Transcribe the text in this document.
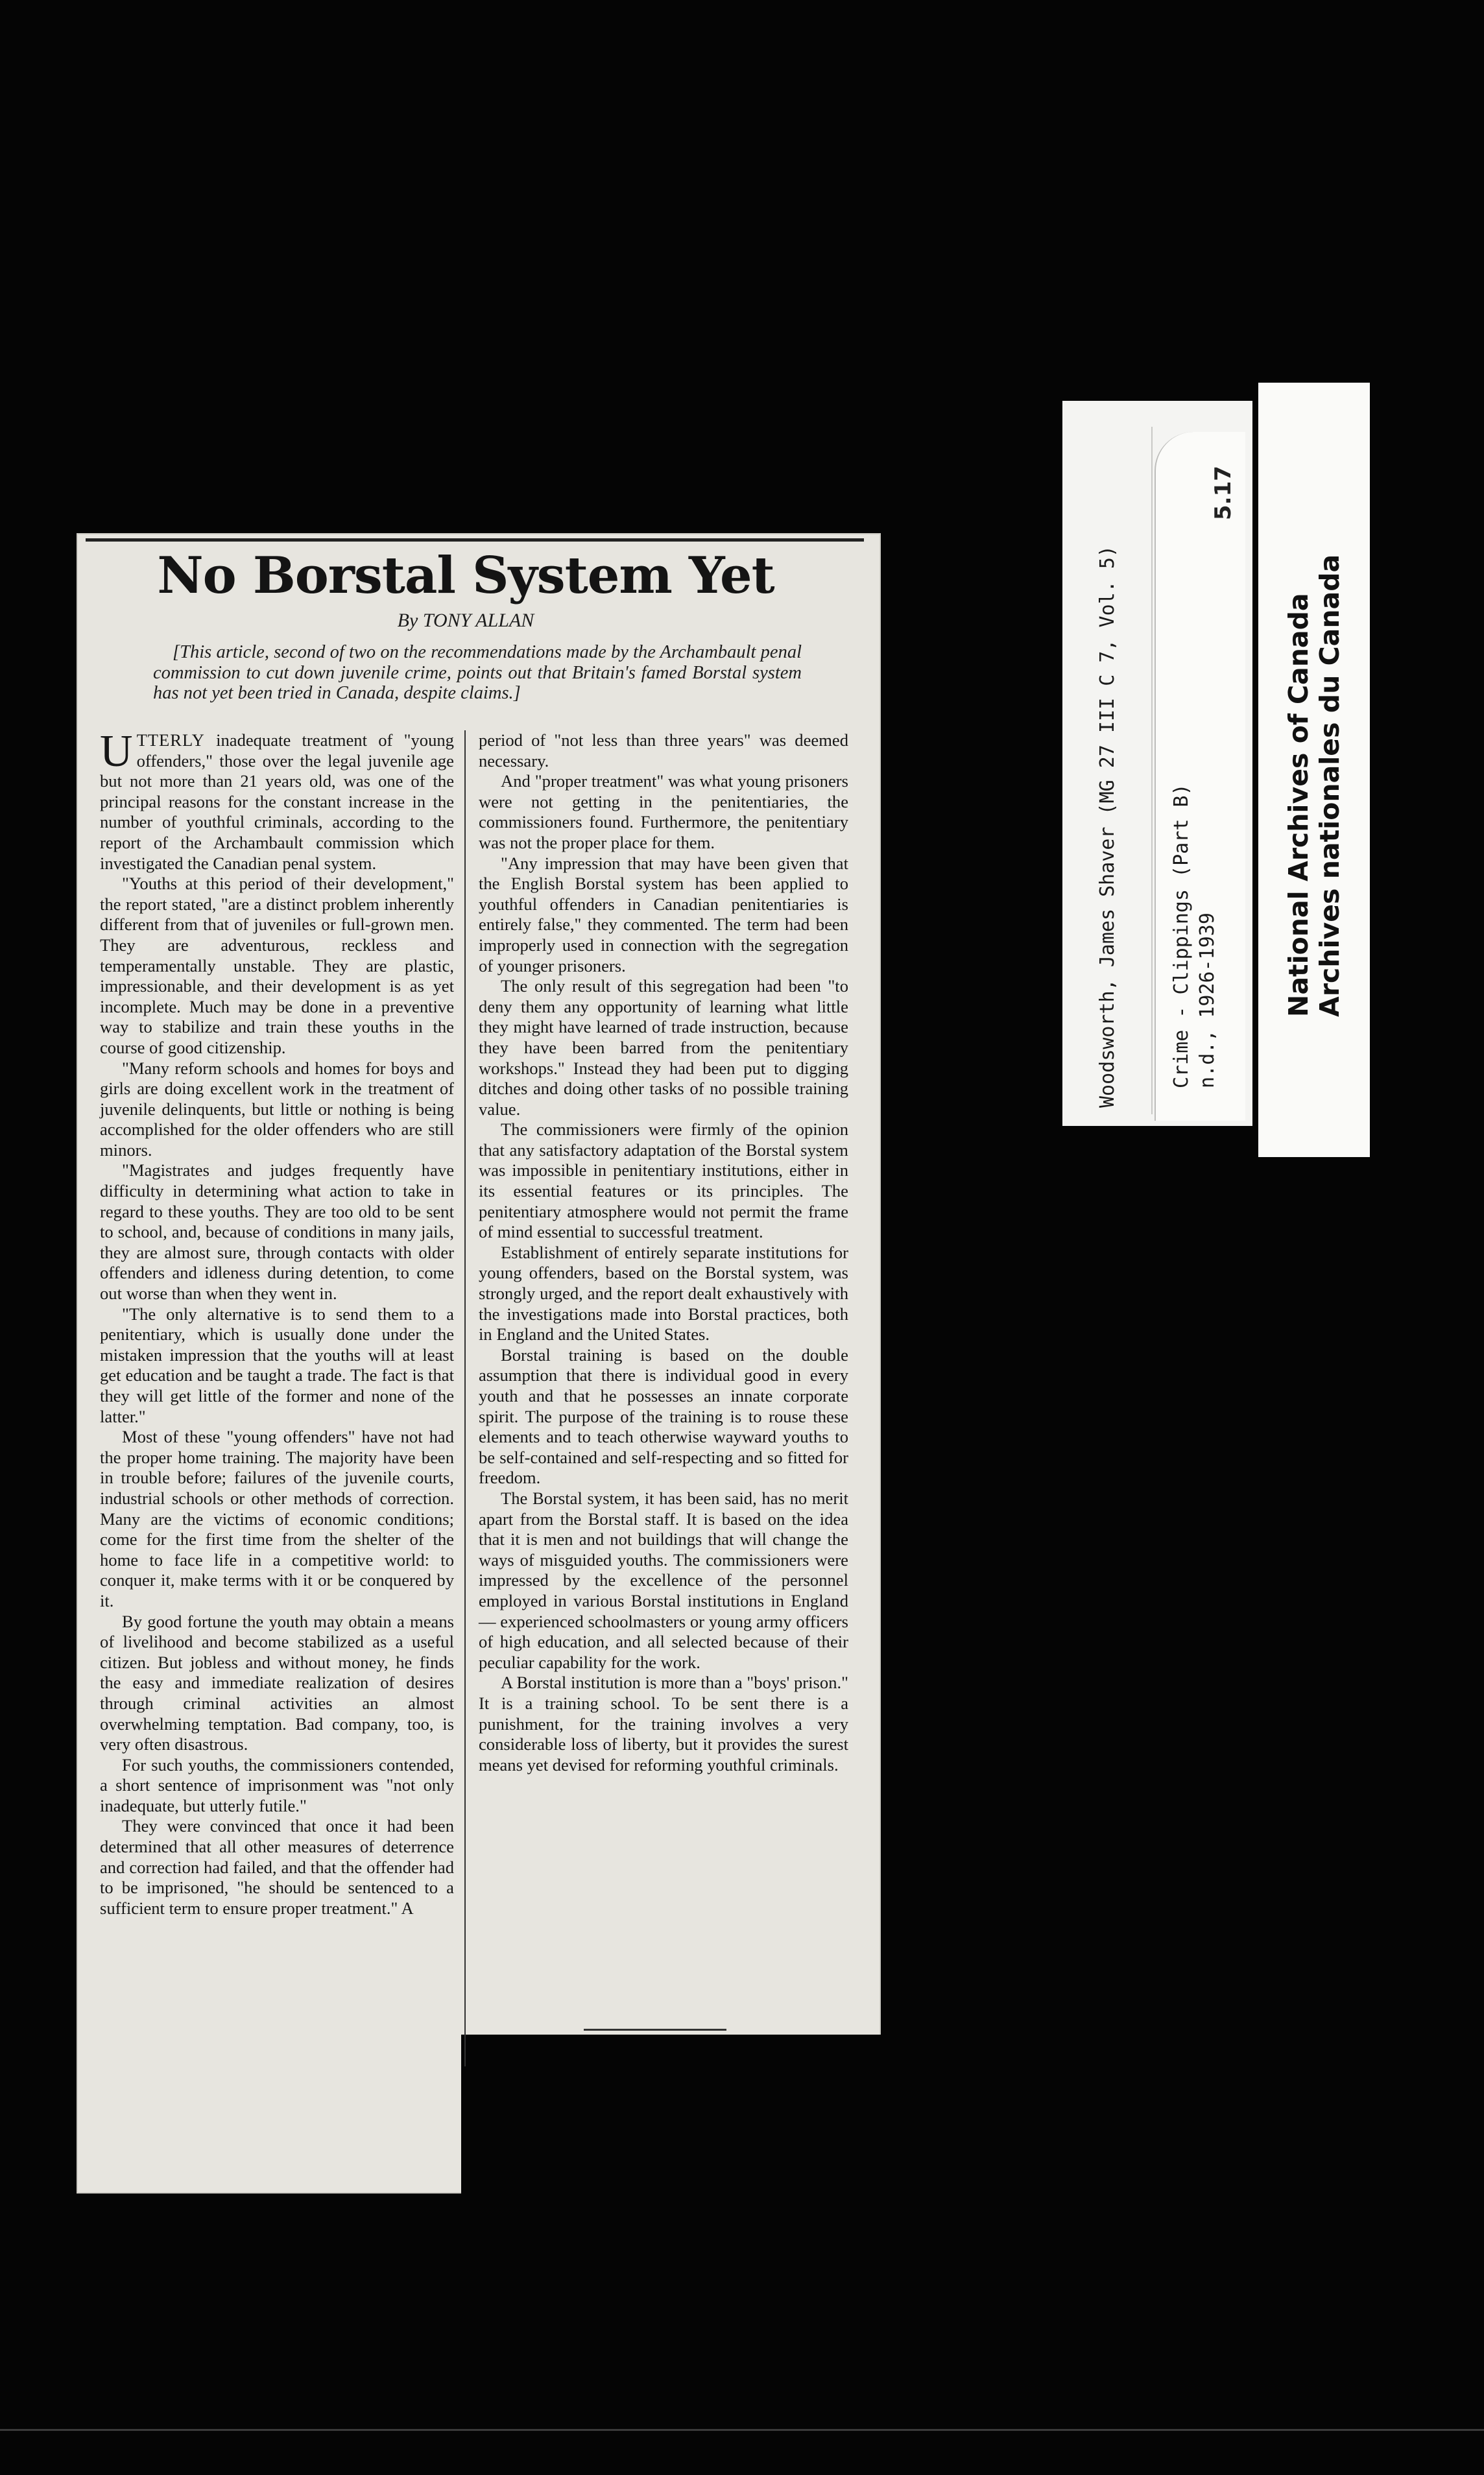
No Borstal System Yet
By TONY ALLAN
[This article, second of two on the recommendations made by the Archambault penal commission to cut down juvenile crime, points out that Britain's famed Borstal system has not yet been tried in Canada, despite claims.]

UTTERLY inadequate treatment of "young offenders," those over the legal juvenile age but not more than 21 years old, was one of the principal reasons for the constant increase in the number of youthful criminals, according to the report of the Archambault commission which investigated the Canadian penal system.

"Youths at this period of their development," the report stated, "are a distinct problem inherently different from that of juveniles or full-grown men. They are adventurous, reckless and temperamentally unstable. They are plastic, impressionable, and their development is as yet incomplete. Much may be done in a preventive way to stabilize and train these youths in the course of good citizenship.

"Many reform schools and homes for boys and girls are doing excellent work in the treatment of juvenile delinquents, but little or nothing is being accomplished for the older offenders who are still minors.

"Magistrates and judges frequently have difficulty in determining what action to take in regard to these youths. They are too old to be sent to school, and, because of conditions in many jails, they are almost sure, through contacts with older offenders and idleness during detention, to come out worse than when they went in.

"The only alternative is to send them to a penitentiary, which is usually done under the mistaken impression that the youths will at least get education and be taught a trade. The fact is that they will get little of the former and none of the latter."

Most of these "young offenders" have not had the proper home training. The majority have been in trouble before; failures of the juvenile courts, industrial schools or other methods of correction. Many are the victims of economic conditions; come for the first time from the shelter of the home to face life in a competitive world: to conquer it, make terms with it or be conquered by it.

By good fortune the youth may obtain a means of livelihood and become stabilized as a useful citizen. But jobless and without money, he finds the easy and immediate realization of desires through criminal activities an almost overwhelming temptation. Bad company, too, is very often disastrous.

For such youths, the commissioners contended, a short sentence of imprisonment was "not only inadequate, but utterly futile."

They were convinced that once it had been determined that all other measures of deterrence and correction had failed, and that the offender had to be imprisoned, "he should be sentenced to a sufficient term to ensure proper treatment." A

period of "not less than three years" was deemed necessary.

And "proper treatment" was what young prisoners were not getting in the penitentiaries, the commissioners found. Furthermore, the penitentiary was not the proper place for them.

"Any impression that may have been given that the English Borstal system has been applied to youthful offenders in Canadian penitentiaries is entirely false," they commented. The term had been improperly used in connection with the segregation of younger prisoners.

The only result of this segregation had been "to deny them any opportunity of learning what little they might have learned of trade instruction, because they have been barred from the penitentiary workshops." Instead they had been put to digging ditches and doing other tasks of no possible training value.

The commissioners were firmly of the opinion that any satisfactory adaptation of the Borstal system was impossible in penitentiary institutions, either in its essential features or its principles. The penitentiary atmosphere would not permit the frame of mind essential to successful treatment.

Establishment of entirely separate institutions for young offenders, based on the Borstal system, was strongly urged, and the report dealt exhaustively with the investigations made into Borstal practices, both in England and the United States.

Borstal training is based on the double assumption that there is individual good in every youth and that he possesses an innate corporate spirit. The purpose of the training is to rouse these elements and to teach otherwise wayward youths to be self-contained and self-respecting and so fitted for freedom.

The Borstal system, it has been said, has no merit apart from the Borstal staff. It is based on the idea that it is men and not buildings that will change the ways of misguided youths. The commissioners were impressed by the excellence of the personnel employed in various Borstal institutions in England — experienced schoolmasters or young army officers of high education, and all selected because of their peculiar capability for the work.

A Borstal institution is more than a "boys' prison." It is a training school. To be sent there is a punishment, for the training involves a very considerable loss of liberty, but it provides the surest means yet devised for reforming youthful criminals.

Woodsworth, James Shaver (MG 27 III C 7, Vol. 5)	Crime - Clippings (Part B) n.d., 1926-1939
5.17
National Archives of Canada Archives nationales du Canada
